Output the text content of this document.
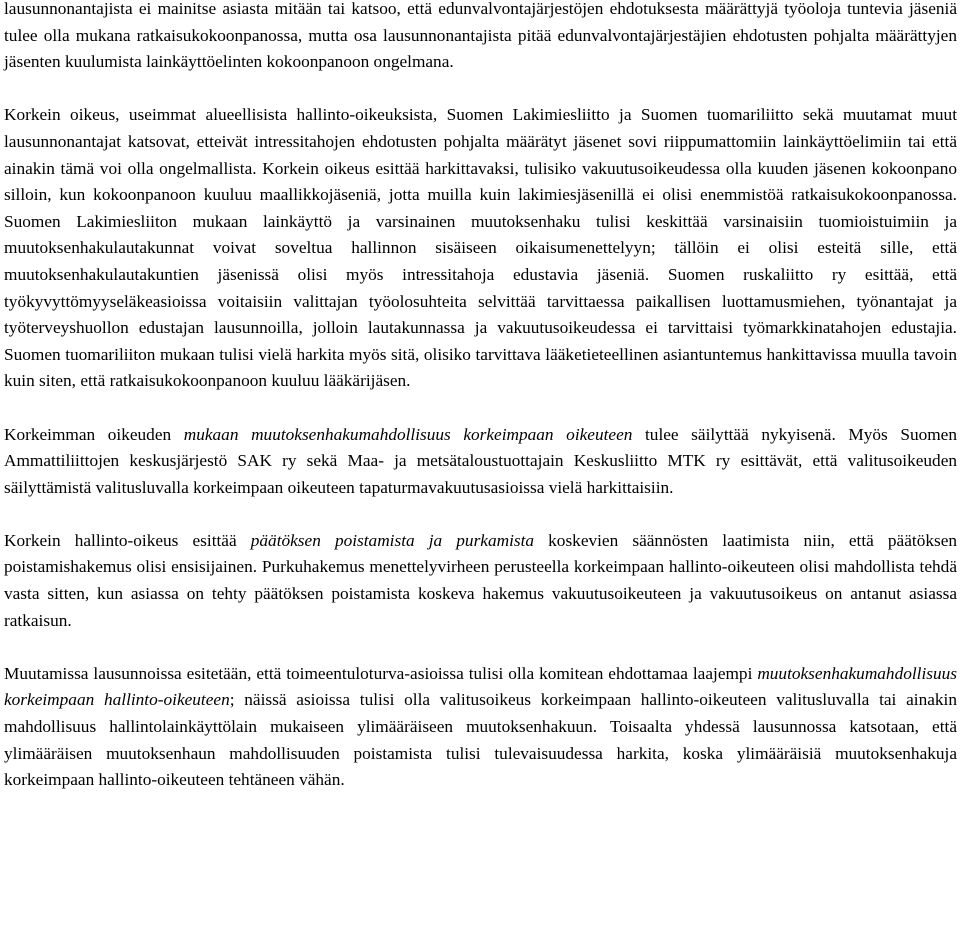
lausunnonantajista ei mainitse asiasta mitään tai katsoo, että edunvalvontajärjestöjen ehdotuksesta määrättyjä työoloja tuntevia jäseniä tulee olla mukana ratkaisukokoonpanossa, mutta osa lausunnonantajista pitää edunvalvontajärjestäjien ehdotusten pohjalta määrättyjen jäsenten kuulumista lainkäyttöelinten kokoonpanoon ongelmana.

Korkein oikeus, useimmat alueellisista hallinto-oikeuksista, Suomen Lakimiesliitto ja Suomen tuomariliitto sekä muutamat muut lausunnonantajat katsovat, etteivät intressitahojen ehdotusten pohjalta määrätyt jäsenet sovi riippumattomiin lainkäyttöelimiin tai että ainakin tämä voi olla ongelmallista. Korkein oikeus esittää harkittavaksi, tulisiko vakuutusoikeudessa olla kuuden jäsenen kokoonpano silloin, kun kokoonpanoon kuuluu maallikkojäseniä, jotta muilla kuin lakimiesjäsenillä ei olisi enemmistöä ratkaisukokoonpanossa. Suomen Lakimiesliiton mukaan lainkäyttö ja varsinainen muutoksenhaku tulisi keskittää varsinaisiin tuomioistuimiin ja muutoksenhakulautakunnat voivat soveltua hallinnon sisäiseen oikaisumenettelyyn; tällöin ei olisi esteitä sille, että muutoksenhakulautakuntien jäsenissä olisi myös intressitahoja edustavia jäseniä. Suomen ruskaliitto ry esittää, että työkyvyttömyyseläkeasioissa voitaisiin valittajan työolosuhteita selvittää tarvittaessa paikallisen luottamusmiehen, työnantajat ja työterveyshuollon edustajan lausunnoilla, jolloin lautakunnassa ja vakuutusoikeudessa ei tarvittaisi työmarkkinatahojen edustajia. Suomen tuomariliiton mukaan tulisi vielä harkita myös sitä, olisiko tarvittava lääketieteellinen asiantuntemus hankittavissa muulla tavoin kuin siten, että ratkaisukokoonpanoon kuuluu lääkärijäsen.

Korkeimman oikeuden mukaan muutoksenhakumahdollisuus korkeimpaan oikeuteen tulee säilyttää nykyisenä. Myös Suomen Ammattiliittojen keskusjärjestö SAK ry sekä Maa- ja metsätaloustuottajain Keskusliitto MTK ry esittävät, että valitusoikeuden säilyttämistä valitusluvalla korkeimpaan oikeuteen tapaturmavakuutusasioissa vielä harkittaisiin.

Korkein hallinto-oikeus esittää päätöksen poistamista ja purkamista koskevien säännösten laatimista niin, että päätöksen poistamishakemus olisi ensisijainen. Purkuhakemus menettelyvirheen perusteella korkeimpaan hallinto-oikeuteen olisi mahdollista tehdä vasta sitten, kun asiassa on tehty päätöksen poistamista koskeva hakemus vakuutusoikeuteen ja vakuutusoikeus on antanut asiassa ratkaisun.

Muutamissa lausunnoissa esitetään, että toimeentuloturva-asioissa tulisi olla komitean ehdottamaa laajempi muutoksenhakumahdollisuus korkeimpaan hallinto-oikeuteen; näissä asioissa tulisi olla valitusoikeus korkeimpaan hallinto-oikeuteen valitusluvalla tai ainakin mahdollisuus hallintolainkäyttölain mukaiseen ylimääräiseen muutoksenhakuun. Toisaalta yhdessä lausunnossa katsotaan, että ylimääräisen muutoksenhaun mahdollisuuden poistamista tulisi tulevaisuudessa harkita, koska ylimääräisiä muutoksenhakuja korkeimpaan hallinto-oikeuteen tehtäneen vähän.
